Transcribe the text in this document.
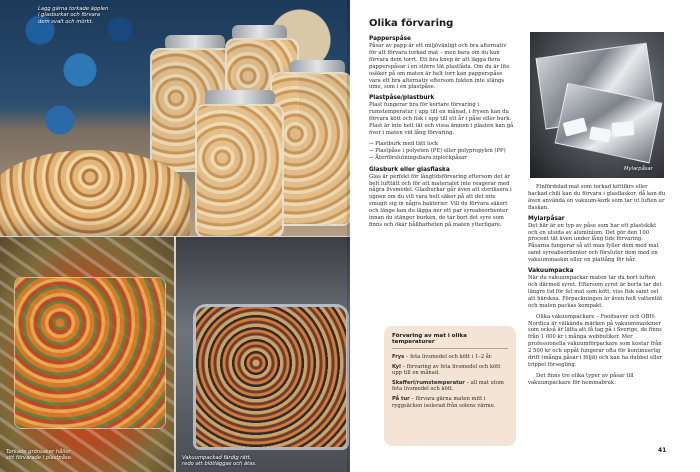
Lagg gärna torkade äpplen
i glasburkar och förvara
dem svalt och mörkt.
Torkade grönsaker håller
sitt förvarade i plastpåse.	Vakuumpackad färdig rätt,
redo att blötläggas och ätas.
Olika förvaring

Papperspåse

Påsar av papp är ett miljövänligt och bra alternativ för att förvara torkad mat – men bara om du kan förvara dem torrt. Ett bra knep är att lägga flera papperspåsar i en större tät plastlåda. Om du är lite osäker på om maten är helt torr kan papperspåse vara ett bra alternativ eftersom fukten inte stängs inne, som i en plastpåse.

Plastpåse/plastburk

Plast fungerar bra för kortare förvaring i rumstemperatur i upp till en månad, i frysen kan du förvara kött och fisk i upp till ett år i påse eller burk. Plast är inte helt tät och vissa ämnen i plasten kan gå över i maten vid lång förvaring.

→ Plastburk med tätt lock
→ Plastpåse i polyeten (PE) eller polypropylen (PP)
→ Återförslutningsbara ziplockpåsar

Glasburk eller glasflaska

Glas är perfekt för långtidsförvaring eftersom det är helt lufttätt och för att materialet inte reagerar med några livsmedel. Glasburkar går även att sterilisera i ugnen om du vill vara helt säker på att det inte smugit sig in några bakterier. Vill du förvara säkert och länge kan du lägga ner ett par syreabsorbenter innan du stänger burken, de tar bort det syre som finns och ökar hållbarheten på maten ytterligare.

Förvaring av mat i olika temperaturer

Frys – feta livsmedel och kött i 1–2 år.

Kyl – förvaring av feta livsmedel och kött upp till en månad.

Skafferi/rumstemperatur – all mat utom feta livsmedel och kött.

På tur – förvara gärna maten mitt i ryggsäcken isolerad från solens värme.

Mylarpåsar

Finfördelad mat som torkad köttfärs eller hackad chili kan du förvara i glasflaskor, då kan du även använda en vakuum-kork som tar ut luften ur flaskan.

Mylarpåsar

Det här är en typ av påse som har ett plastskikt och en utsida av aluminium. Det gör den 100 procent tät även under lång tids förvaring. Påsarna fungerar så att man fyller dem med mat samt syreabsorbenter och försluter dem med en vakuummaskin eller en plattång för hår.

Vakuumpacka

När du vakuumpackar maten tar du bort luften och därmed syret. Eftersom syret är borta tar det längre tid för fet mat som kött, viss fisk samt ost att härskna. Förpackningen är även helt vattentät och maten packas kompakt.

Olika vakuumpackare – Foodsaver och OBH-Nordica är välkända märken på vakuummaskiner som också är lätta att få tag på i Sverige, de finns från 1 000 kr i många webbutiker. Mer professionella vakuumförpackare som kostar från 2 500 kr och uppåt fungerar ofta för kontinuerlig drift (många påsar i följd) och kan ha dubbel eller trippel försegling.

Det finns tre olika typer av påsar till vakuumpackare för hemmabruk:

41
